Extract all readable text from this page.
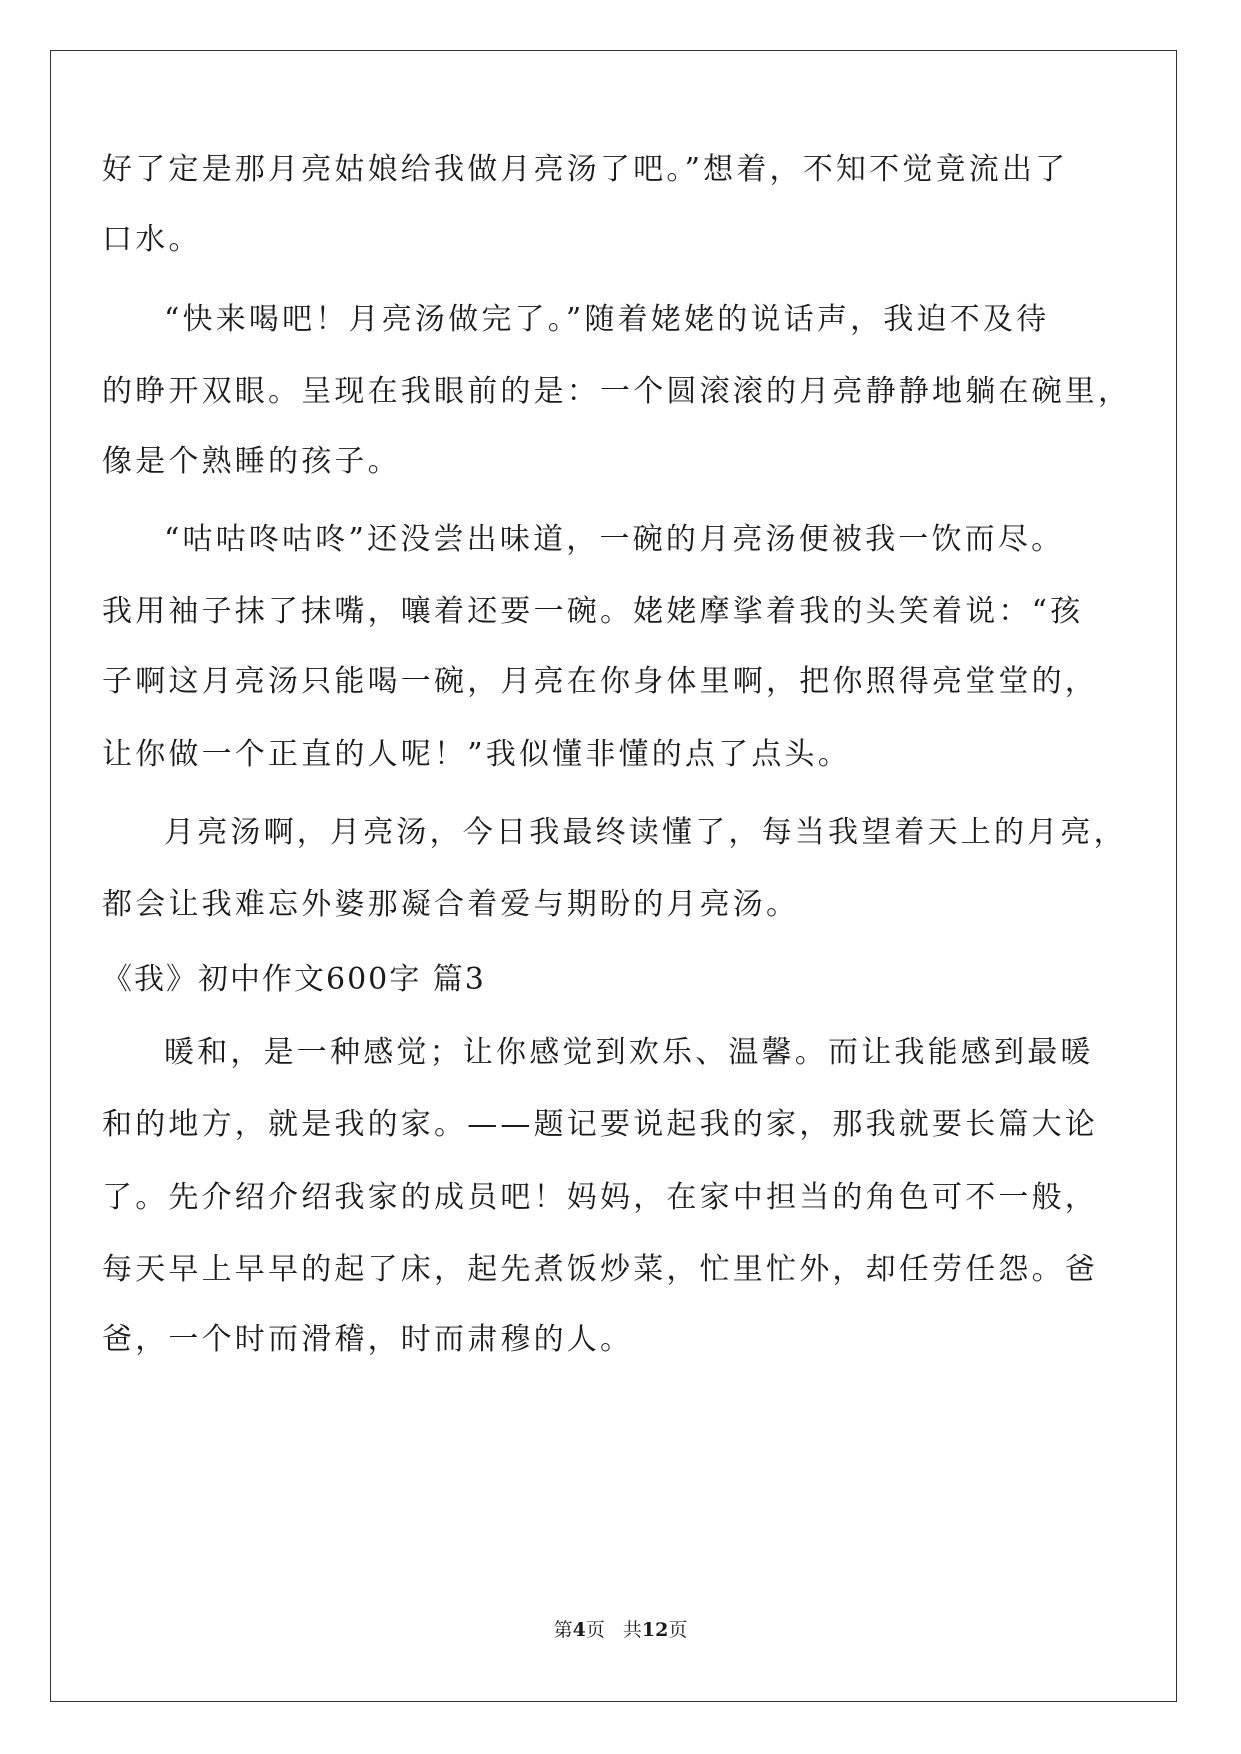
好了定是那月亮姑娘给我做月亮汤了吧。”想着，不知不觉竟流出了
口水。
“快来喝吧！月亮汤做完了。”随着姥姥的说话声，我迫不及待
的睁开双眼。呈现在我眼前的是：一个圆滚滚的月亮静静地躺在碗里，
像是个熟睡的孩子。
“咕咕咚咕咚”还没尝出味道，一碗的月亮汤便被我一饮而尽。
我用袖子抹了抹嘴，嚷着还要一碗。姥姥摩挲着我的头笑着说：“孩
子啊这月亮汤只能喝一碗，月亮在你身体里啊，把你照得亮堂堂的，
让你做一个正直的人呢！”我似懂非懂的点了点头。
月亮汤啊，月亮汤，今日我最终读懂了，每当我望着天上的月亮，
都会让我难忘外婆那凝合着爱与期盼的月亮汤。
《我》初中作文600字 篇3
暖和，是一种感觉；让你感觉到欢乐、温馨。而让我能感到最暖
和的地方，就是我的家。——题记要说起我的家，那我就要长篇大论
了。先介绍介绍我家的成员吧！妈妈，在家中担当的角色可不一般，
每天早上早早的起了床，起先煮饭炒菜，忙里忙外，却任劳任怨。爸
爸，一个时而滑稽，时而肃穆的人。
第4页 共12页
